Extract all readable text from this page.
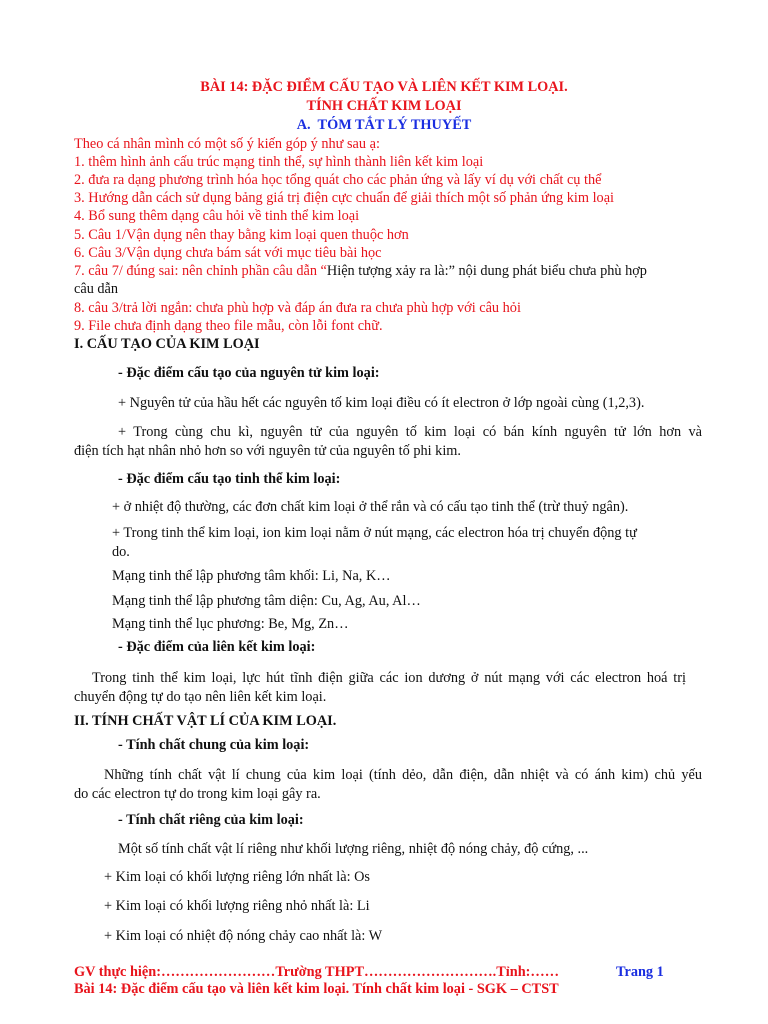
BÀI 14: ĐẶC ĐIỂM CẤU TẠO VÀ LIÊN KẾT KIM LOẠI.
TÍNH CHẤT KIM LOẠI
A. TÓM TẮT LÝ THUYẾT
Theo cá nhân mình có một số ý kiến góp ý như sau ạ:
1. thêm hình ảnh cấu trúc mạng tinh thể, sự hình thành liên kết kim loại
2. đưa ra dạng phương trình hóa học tổng quát cho các phản ứng và lấy ví dụ với chất cụ thể
3. Hướng dẫn cách sử dụng bảng giá trị điện cực chuẩn để giải thích một số phản ứng kim loại
4. Bổ sung thêm dạng câu hỏi về tinh thể kim loại
5. Câu 1/Vận dụng nên thay bằng kim loại quen thuộc hơn
6. Câu 3/Vận dụng chưa bám sát với mục tiêu bài học
7. câu 7/ đúng sai: nên chỉnh phần câu dẫn “Hiện tượng xảy ra là:” nội dung phát biểu chưa phù hợp
câu dẫn
8. câu 3/trả lời ngắn: chưa phù hợp và đáp án đưa ra chưa phù hợp với câu hỏi
9. File chưa định dạng theo file mẫu, còn lỗi font chữ.
I. CẤU TẠO CỦA KIM LOẠI
- Đặc điểm cấu tạo của nguyên tử kim loại:
+ Nguyên tử của hầu hết các nguyên tố kim loại điều có ít electron ở lớp ngoài cùng (1,2,3).
+ Trong cùng chu kì, nguyên tử của nguyên tố kim loại có bán kính nguyên tử lớn hơn và
điện tích hạt nhân nhỏ hơn so với nguyên tử của nguyên tố phi kim.
- Đặc điểm cấu tạo tinh thể kim loại:
+ ở nhiệt độ thường, các đơn chất kim loại ở thể rắn và có cấu tạo tinh thể (trừ thuỷ ngân).
+ Trong tinh thể kim loại, ion kim loại nằm ở nút mạng, các electron hóa trị chuyển động tự
do.
Mạng tinh thể lập phương tâm khối: Li, Na, K…
Mạng tinh thể lập phương tâm diện: Cu, Ag, Au, Al…
Mạng tinh thể lục phương: Be, Mg, Zn…
- Đặc điểm của liên kết kim loại:
Trong tinh thể kim loại, lực hút tĩnh điện giữa các ion dương ở nút mạng với các electron hoá trị
chuyển động tự do tạo nên liên kết kim loại.
II. TÍNH CHẤT VẬT LÍ CỦA KIM LOẠI.
- Tính chất chung của kim loại:
Những tính chất vật lí chung của kim loại (tính dẻo, dẫn điện, dẫn nhiệt và có ánh kim) chủ yếu
do các electron tự do trong kim loại gây ra.
- Tính chất riêng của kim loại:
Một số tính chất vật lí riêng như khối lượng riêng, nhiệt độ nóng chảy, độ cứng, ...
+ Kim loại có khối lượng riêng lớn nhất là: Os
+ Kim loại có khối lượng riêng nhỏ nhất là: Li
+ Kim loại có nhiệt độ nóng chảy cao nhất là: W
GV thực hiện:……………………Trường THPT……………………….Tỉnh:……	Trang 1
Bài 14: Đặc điểm cấu tạo và liên kết kim loại. Tính chất kim loại - SGK – CTST
